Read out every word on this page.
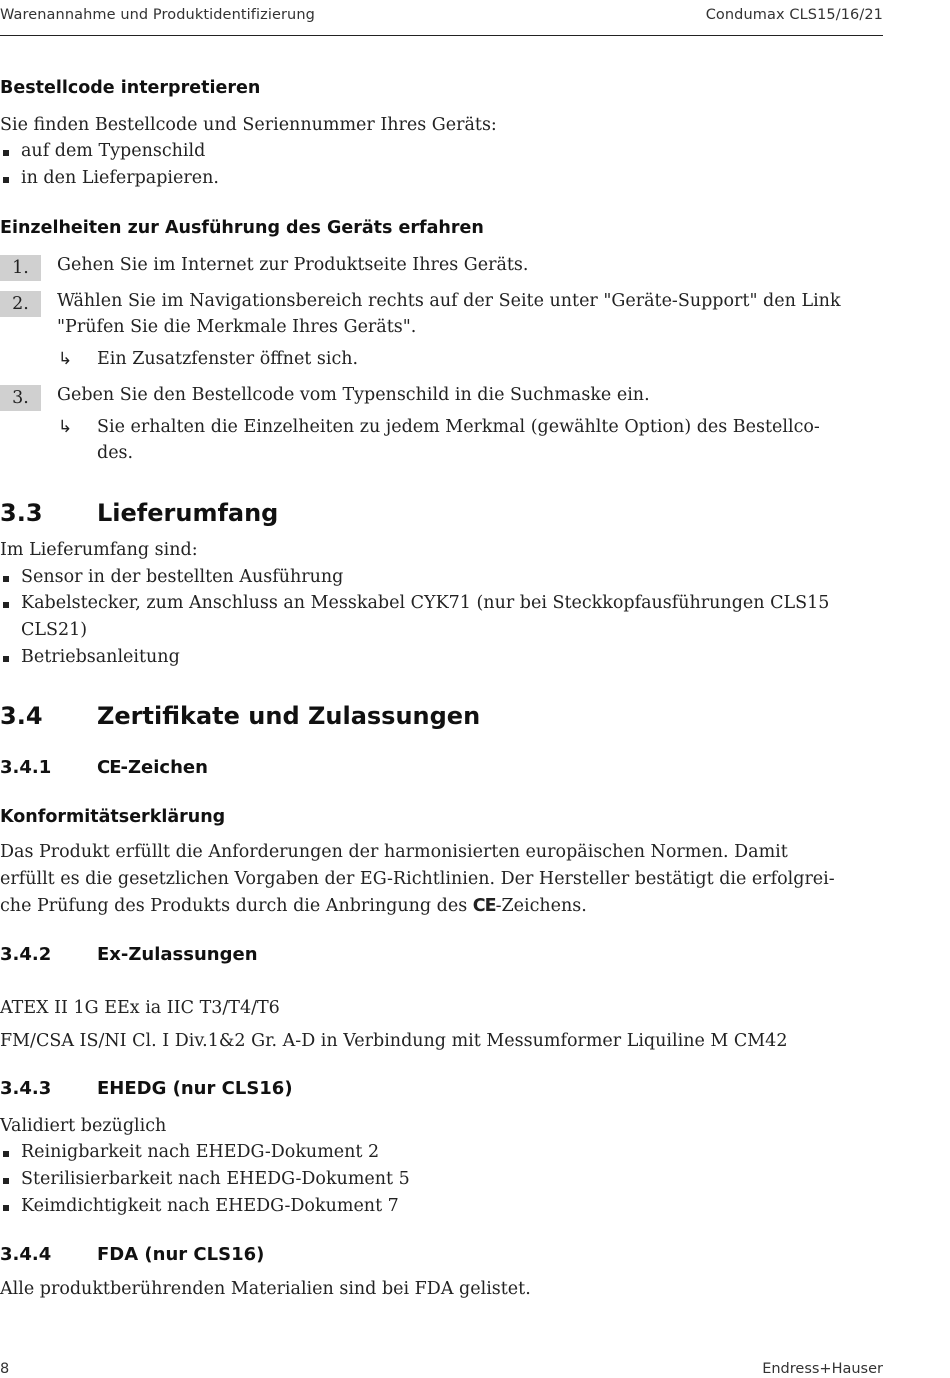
Warenannahme und Produktidentifizierung	Condumax CLS15/16/21
Bestellcode interpretieren
Sie finden Bestellcode und Seriennummer Ihres Geräts:
auf dem Typenschild
in den Lieferpapieren.
Einzelheiten zur Ausführung des Geräts erfahren
1.	Gehen Sie im Internet zur Produktseite Ihres Geräts.
2.	Wählen Sie im Navigationsbereich rechts auf der Seite unter "Geräte-Support" den Link
"Prüfen Sie die Merkmale Ihres Geräts".
↳ Ein Zusatzfenster öffnet sich.
3.	Geben Sie den Bestellcode vom Typenschild in die Suchmaske ein.
↳ Sie erhalten die Einzelheiten zu jedem Merkmal (gewählte Option) des Bestellco-
des.
3.3 Lieferumfang
Im Lieferumfang sind:
Sensor in der bestellten Ausführung
Kabelstecker, zum Anschluss an Messkabel CYK71 (nur bei Steckkopfausführungen CLS15
CLS21)
Betriebsanleitung
3.4 Zertifikate und Zulassungen
3.4.1	CE-Zeichen
Konformitätserklärung
Das Produkt erfüllt die Anforderungen der harmonisierten europäischen Normen. Damit
erfüllt es die gesetzlichen Vorgaben der EG-Richtlinien. Der Hersteller bestätigt die erfolgrei-
che Prüfung des Produkts durch die Anbringung des CE-Zeichens.
3.4.2	Ex-Zulassungen
ATEX II 1G EEx ia IIC T3/T4/T6
FM/CSA IS/NI Cl. I Div.1&2 Gr. A-D in Verbindung mit Messumformer Liquiline M CM42
3.4.3	EHEDG (nur CLS16)
Validiert bezüglich
Reinigbarkeit nach EHEDG-Dokument 2
Sterilisierbarkeit nach EHEDG-Dokument 5
Keimdichtigkeit nach EHEDG-Dokument 7
3.4.4	FDA (nur CLS16)
Alle produktberührenden Materialien sind bei FDA gelistet.
8	Endress+Hauser
